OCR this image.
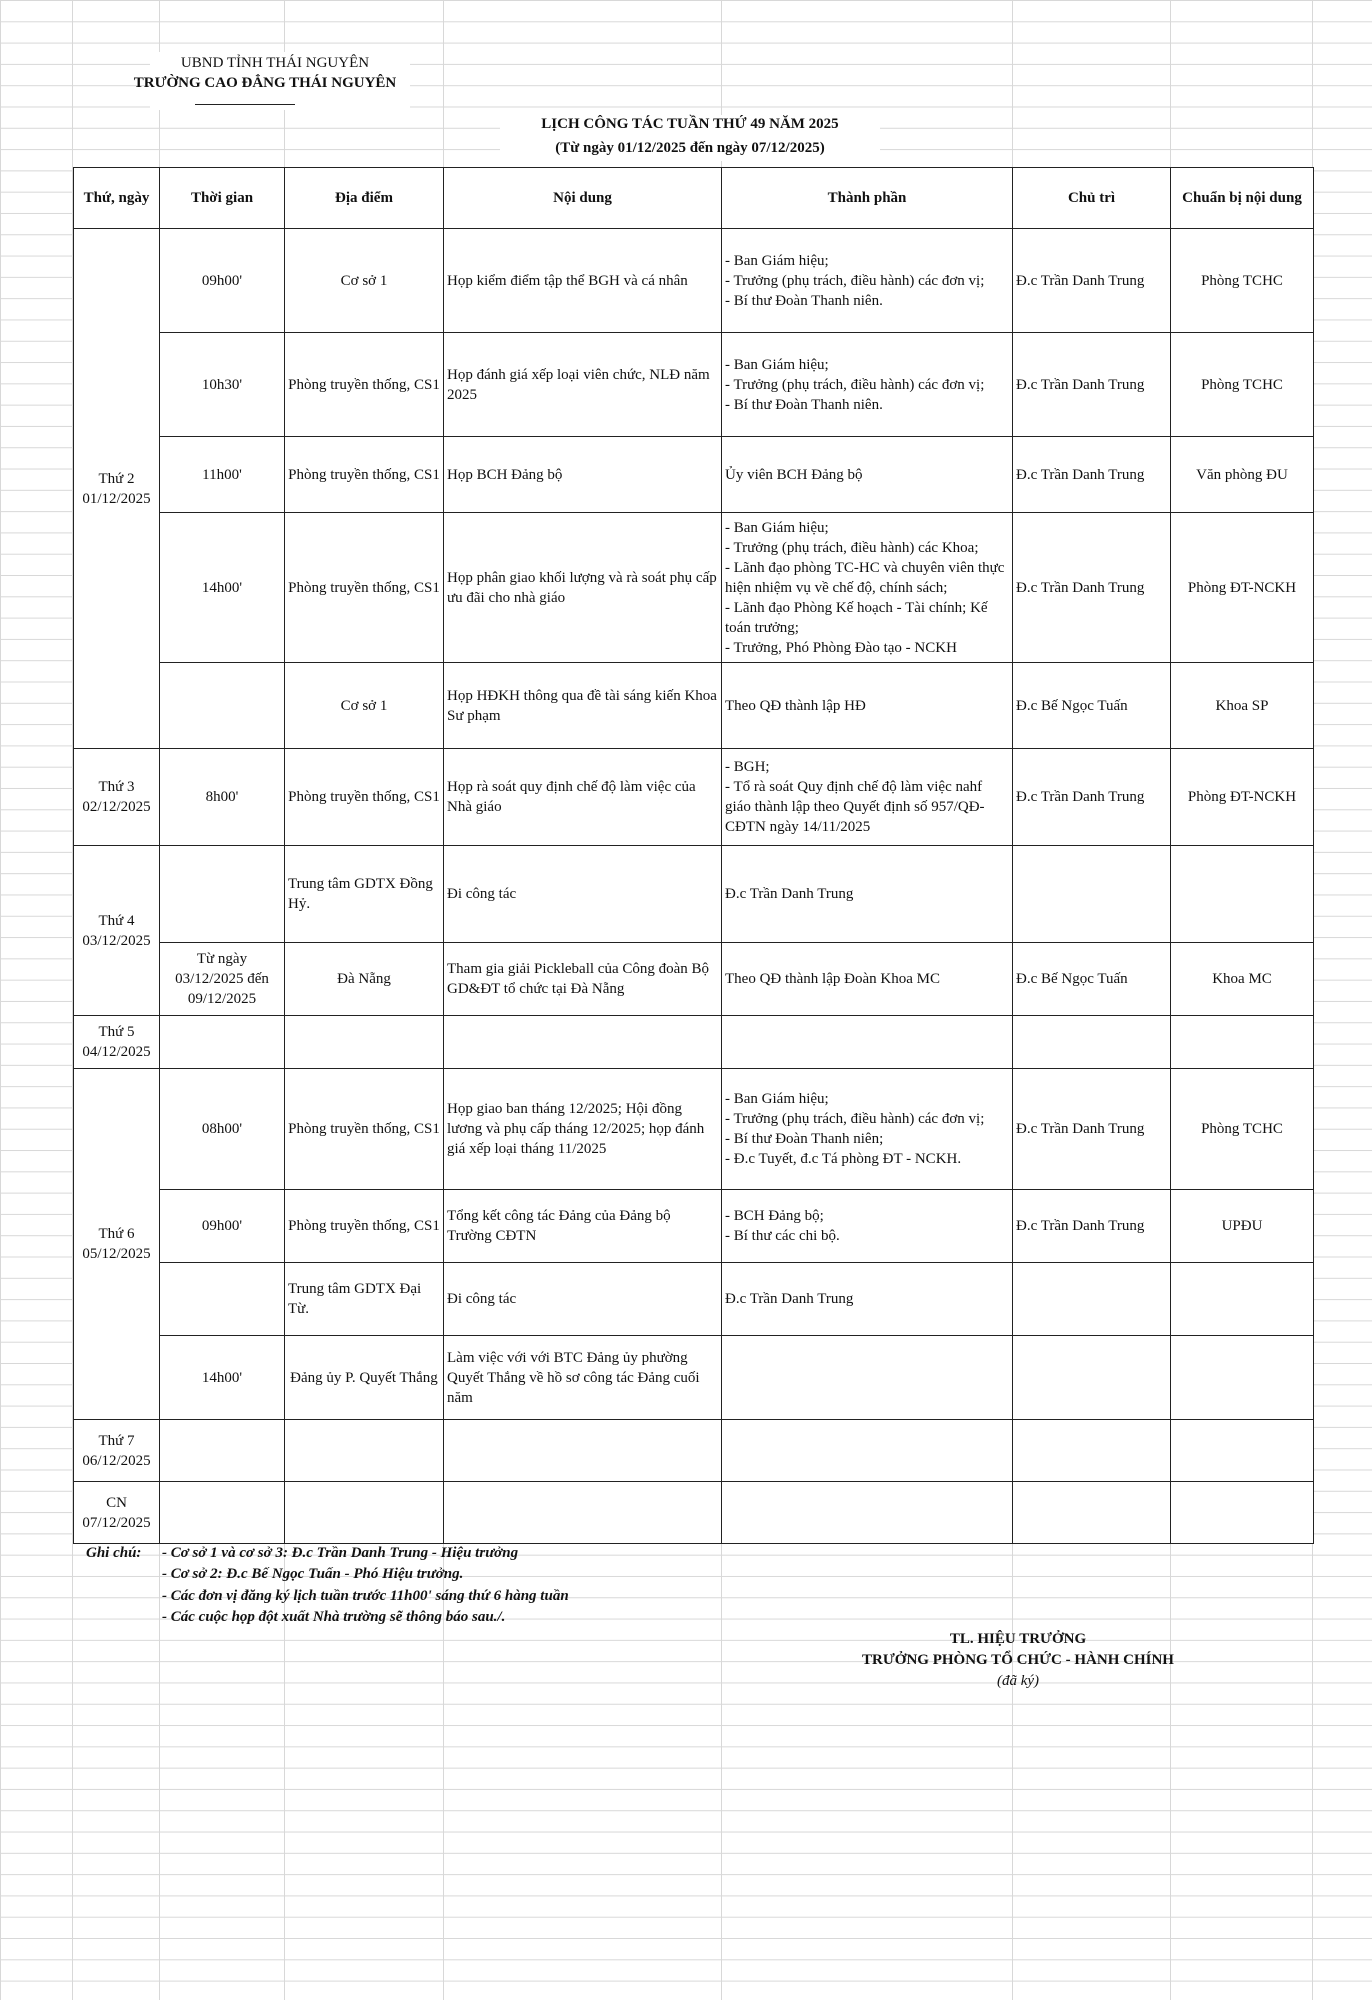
UBND TỈNH THÁI NGUYÊN
TRƯỜNG CAO ĐẲNG THÁI NGUYÊN
LỊCH CÔNG TÁC TUẦN THỨ 49 NĂM 2025
(Từ ngày 01/12/2025 đến ngày 07/12/2025)
Thứ, ngày	Thời gian	Địa điểm	Nội dung	Thành phần	Chủ trì	Chuẩn bị nội dung
Thứ 2
01/12/2025	09h00'	Cơ sở 1	Họp kiểm điểm tập thể BGH và cá nhân	- Ban Giám hiệu;
- Trưởng (phụ trách, điều hành) các đơn vị;
- Bí thư Đoàn Thanh niên.	Đ.c Trần Danh Trung	Phòng TCHC
	10h30'	Phòng truyền thống, CS1	Họp đánh giá xếp loại viên chức, NLĐ năm 2025	- Ban Giám hiệu;
- Trưởng (phụ trách, điều hành) các đơn vị;
- Bí thư Đoàn Thanh niên.	Đ.c Trần Danh Trung	Phòng TCHC
	11h00'	Phòng truyền thống, CS1	Họp BCH Đảng bộ	Ủy viên BCH Đảng bộ	Đ.c Trần Danh Trung	Văn phòng ĐU
	14h00'	Phòng truyền thống, CS1	Họp phân giao khối lượng và rà soát phụ cấp ưu đãi cho nhà giáo	- Ban Giám hiệu;
- Trưởng (phụ trách, điều hành) các Khoa;
- Lãnh đạo phòng TC-HC và chuyên viên thực hiện nhiệm vụ về chế độ, chính sách;
- Lãnh đạo Phòng Kế hoạch - Tài chính; Kế toán trưởng;
- Trưởng, Phó Phòng Đào tạo - NCKH	Đ.c Trần Danh Trung	Phòng ĐT-NCKH
		Cơ sở 1	Họp HĐKH thông qua đề tài sáng kiến Khoa Sư phạm	Theo QĐ thành lập HĐ	Đ.c Bế Ngọc Tuấn	Khoa SP
Thứ 3
02/12/2025	8h00'	Phòng truyền thống, CS1	Họp rà soát quy định chế độ làm việc của Nhà giáo	- BGH;
- Tổ rà soát Quy định chế độ làm việc nahf giáo thành lập theo Quyết định số 957/QĐ-CĐTN ngày 14/11/2025	Đ.c Trần Danh Trung	Phòng ĐT-NCKH
Thứ 4
03/12/2025		Trung tâm GDTX Đồng Hỷ.	Đi công tác	Đ.c Trần Danh Trung		
	Từ ngày 03/12/2025 đến 09/12/2025	Đà Nẵng	Tham gia giải Pickleball của Công đoàn Bộ GD&ĐT tổ chức tại Đà Nẵng	Theo QĐ thành lập Đoàn Khoa MC	Đ.c Bế Ngọc Tuấn	Khoa MC
Thứ 5
04/12/2025						
Thứ 6
05/12/2025	08h00'	Phòng truyền thống, CS1	Họp giao ban tháng 12/2025; Hội đồng lương và phụ cấp tháng 12/2025; họp đánh giá xếp loại tháng 11/2025	- Ban Giám hiệu;
- Trưởng (phụ trách, điều hành) các đơn vị;
- Bí thư Đoàn Thanh niên;
- Đ.c Tuyết, đ.c Tá phòng ĐT - NCKH.	Đ.c Trần Danh Trung	Phòng TCHC
	09h00'	Phòng truyền thống, CS1	Tổng kết công tác Đảng của Đảng bộ Trường CĐTN	- BCH Đảng bộ;
- Bí thư các chi bộ.	Đ.c Trần Danh Trung	UPĐU
		Trung tâm GDTX Đại Từ.	Đi công tác	Đ.c Trần Danh Trung		
	14h00'	Đảng ủy P. Quyết Thắng	Làm việc với với BTC Đảng ủy phường Quyết Thắng về hồ sơ công tác Đảng cuối năm			
Thứ 7
06/12/2025						
CN
07/12/2025						
Ghi chú: - Cơ sở 1 và cơ sở 3: Đ.c Trần Danh Trung - Hiệu trưởng
- Cơ sở 2: Đ.c Bế Ngọc Tuấn - Phó Hiệu trưởng.
- Các đơn vị đăng ký lịch tuần trước 11h00' sáng thứ 6 hàng tuần
- Các cuộc họp đột xuất Nhà trường sẽ thông báo sau./.
TL. HIỆU TRƯỞNG
TRƯỞNG PHÒNG TỔ CHỨC - HÀNH CHÍNH
(đã ký)
